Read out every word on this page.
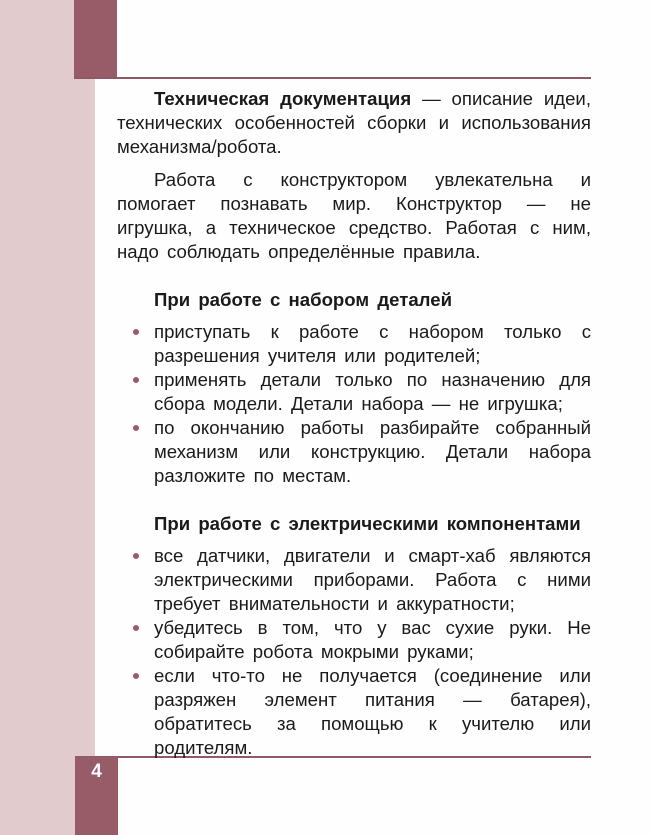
4

Техническая документация — описание идеи, технических особенностей сборки и использования механизма/робота.

Работа с конструктором увлекательна и помогает познавать мир. Конструктор — не игрушка, а техническое средство. Работая с ним, надо соблюдать определённые правила.

При работе с набором деталей
приступать к работе с набором только с разрешения учителя или родителей;
применять детали только по назначению для сбора модели. Детали набора — не игрушка;
по окончанию работы разбирайте собранный механизм или конструкцию. Детали набора разложите по местам.
При работе с электрическими компонентами
все датчики, двигатели и смарт-хаб являются электрическими приборами. Работа с ними требует внимательности и аккуратности;
убедитесь в том, что у вас сухие руки. Не собирайте робота мокрыми руками;
если что-то не получается (соединение или разряжен элемент питания — батарея), обратитесь за помощью к учителю или родителям.
